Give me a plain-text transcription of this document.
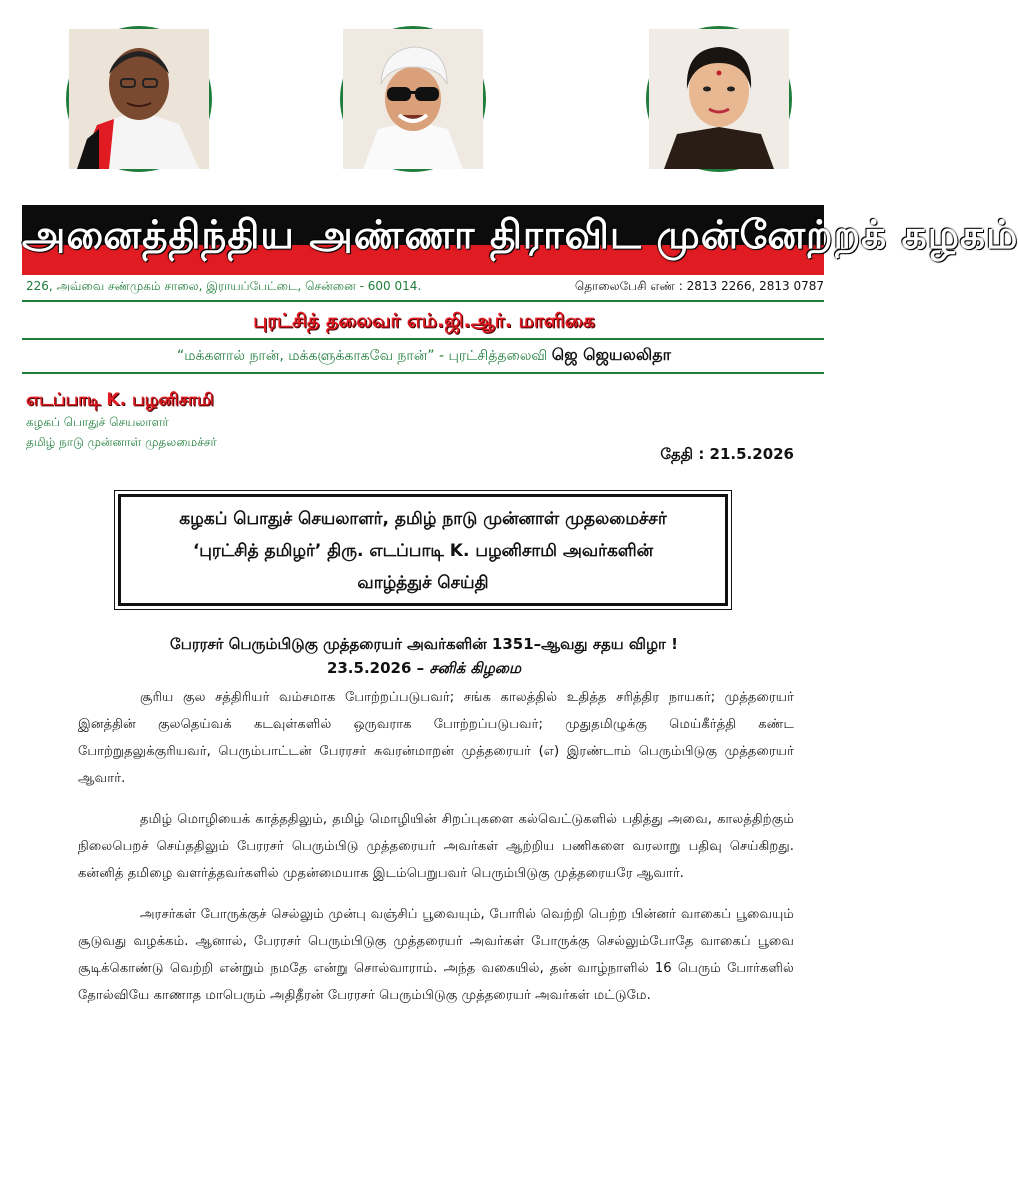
அனைத்திந்திய அண்ணா திராவிட முன்னேற்றக் கழகம்
226, அவ்வை சண்முகம் சாலை, இராயப்பேட்டை, சென்னை - 600 014.	தொலைபேசி எண் : 2813 2266, 2813 0787
புரட்சித் தலைவர் எம்.ஜி.ஆர். மாளிகை
“மக்களால் நான், மக்களுக்காகவே நான்” - புரட்சித்தலைவி ஜெ ஜெயலலிதா
எடப்பாடி K. பழனிசாமி
கழகப் பொதுச் செயலாளர்
தமிழ் நாடு முன்னாள் முதலமைச்சர்
தேதி : 21.5.2026
கழகப் பொதுச் செயலாளர், தமிழ் நாடு முன்னாள் முதலமைச்சர்
‘புரட்சித் தமிழர்’ திரு. எடப்பாடி K. பழனிசாமி அவர்களின்
வாழ்த்துச் செய்தி
பேரரசர் பெரும்பிடுகு முத்தரையர் அவர்களின் 1351–ஆவது சதய விழா !
23.5.2026 – சனிக் கிழமை

சூரிய குல சத்திரியர் வம்சமாக போற்றப்படுபவர்; சங்க காலத்தில் உதித்த சரித்திர நாயகர்; முத்தரையர் இனத்தின் குலதெய்வக் கடவுள்களில் ஒருவராக போற்றப்படுபவர்; முதுதமிழுக்கு மெய்கீர்த்தி கண்ட போற்றுதலுக்குரியவர், பெரும்பாட்டன் பேரரசர் சுவரன்மாறன் முத்தரையர் (எ) இரண்டாம் பெரும்பிடுகு முத்தரையர் ஆவார்.

தமிழ் மொழியைக் காத்ததிலும், தமிழ் மொழியின் சிறப்புகளை கல்வெட்டுகளில் பதித்து அவை, காலத்திற்கும் நிலைபெறச் செய்ததிலும் பேரரசர் பெரும்பிடு முத்தரையர் அவர்கள் ஆற்றிய பணிகளை வரலாறு பதிவு செய்கிறது. கன்னித் தமிழை வளர்த்தவர்களில் முதன்மையாக இடம்பெறுபவர் பெரும்பிடுகு முத்தரையரே ஆவார்.

அரசர்கள் போருக்குச் செல்லும் முன்பு வஞ்சிப் பூவையும், போரில் வெற்றி பெற்ற பின்னர் வாகைப் பூவையும் சூடுவது வழக்கம். ஆனால், பேரரசர் பெரும்பிடுகு முத்தரையர் அவர்கள் போருக்கு செல்லும்போதே வாகைப் பூவை சூடிக்கொண்டு வெற்றி என்றும் நமதே என்று சொல்வாராம். அந்த வகையில், தன் வாழ்நாளில் 16 பெரும் போர்களில் தோல்வியே காணாத மாபெரும் அதிதீரன் பேரரசர் பெரும்பிடுகு முத்தரையர் அவர்கள் மட்டுமே.
